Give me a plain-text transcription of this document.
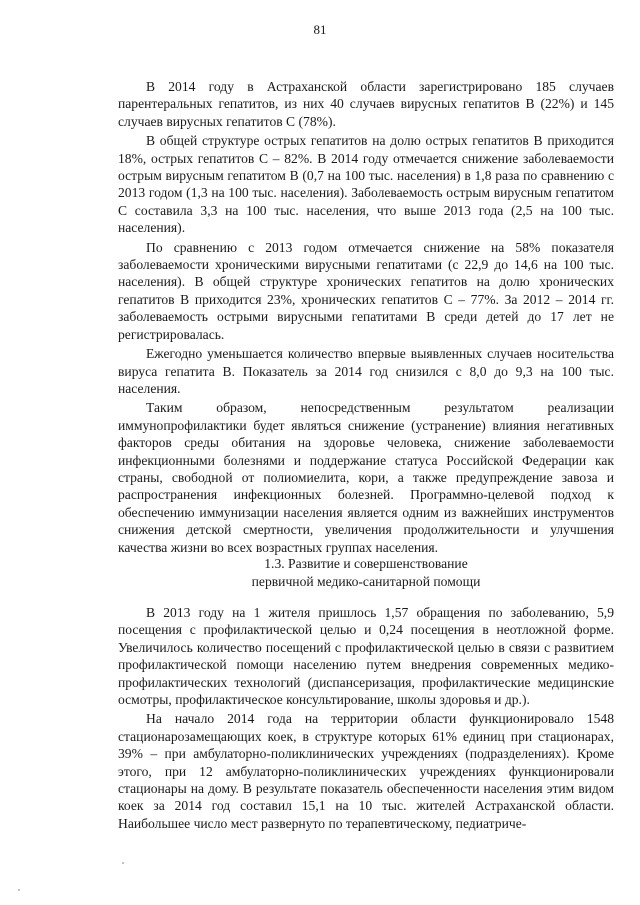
81

В 2014 году в Астраханской области зарегистрировано 185 случаев парентеральных гепатитов, из них 40 случаев вирусных гепатитов В (22%) и 145 случаев вирусных гепатитов С (78%).

В общей структуре острых гепатитов на долю острых гепатитов В приходится 18%, острых гепатитов С – 82%. В 2014 году отмечается снижение заболеваемости острым вирусным гепатитом В (0,7 на 100 тыс. населения) в 1,8 раза по сравнению с 2013 годом (1,3 на 100 тыс. населения). Заболеваемость острым вирусным гепатитом С составила 3,3 на 100 тыс. населения, что выше 2013 года (2,5 на 100 тыс. населения).

По сравнению с 2013 годом отмечается снижение на 58% показателя заболеваемости хроническими вирусными гепатитами (с 22,9 до 14,6 на 100 тыс. населения). В общей структуре хронических гепатитов на долю хронических гепатитов В приходится 23%, хронических гепатитов С – 77%. За 2012 – 2014 гг. заболеваемость острыми вирусными гепатитами В среди детей до 17 лет не регистрировалась.

Ежегодно уменьшается количество впервые выявленных случаев носительства вируса гепатита В. Показатель за 2014 год снизился с 8,0 до 9,3 на 100 тыс. населения.

Таким образом, непосредственным результатом реализации иммунопрофилактики будет являться снижение (устранение) влияния негативных факторов среды обитания на здоровье человека, снижение заболеваемости инфекционными болезнями и поддержание статуса Российской Федерации как страны, свободной от полиомиелита, кори, а также предупреждение завоза и распространения инфекционных болезней. Программно-целевой подход к обеспечению иммунизации населения является одним из важнейших инструментов снижения детской смертности, увеличения продолжительности и улучшения качества жизни во всех возрастных группах населения.

1.3. Развитие и совершенствование
первичной медико-санитарной помощи

В 2013 году на 1 жителя пришлось 1,57 обращения по заболеванию, 5,9 посещения с профилактической целью и 0,24 посещения в неотложной форме. Увеличилось количество посещений с профилактической целью в связи с развитием профилактической помощи населению путем внедрения современных медико-профилактических технологий (диспансеризация, профилактические медицинские осмотры, профилактическое консультирование, школы здоровья и др.).

На начало 2014 года на территории области функционировало 1548 стационарозамещающих коек, в структуре которых 61% единиц при стационарах, 39% – при амбулаторно-поликлинических учреждениях (подразделениях). Кроме этого, при 12 амбулаторно-поликлинических учреждениях функционировали стационары на дому. В результате показатель обеспеченности населения этим видом коек за 2014 год составил 15,1 на 10 тыс. жителей Астраханской области. Наибольшее число мест развернуто по терапевтическому, педиатриче-
